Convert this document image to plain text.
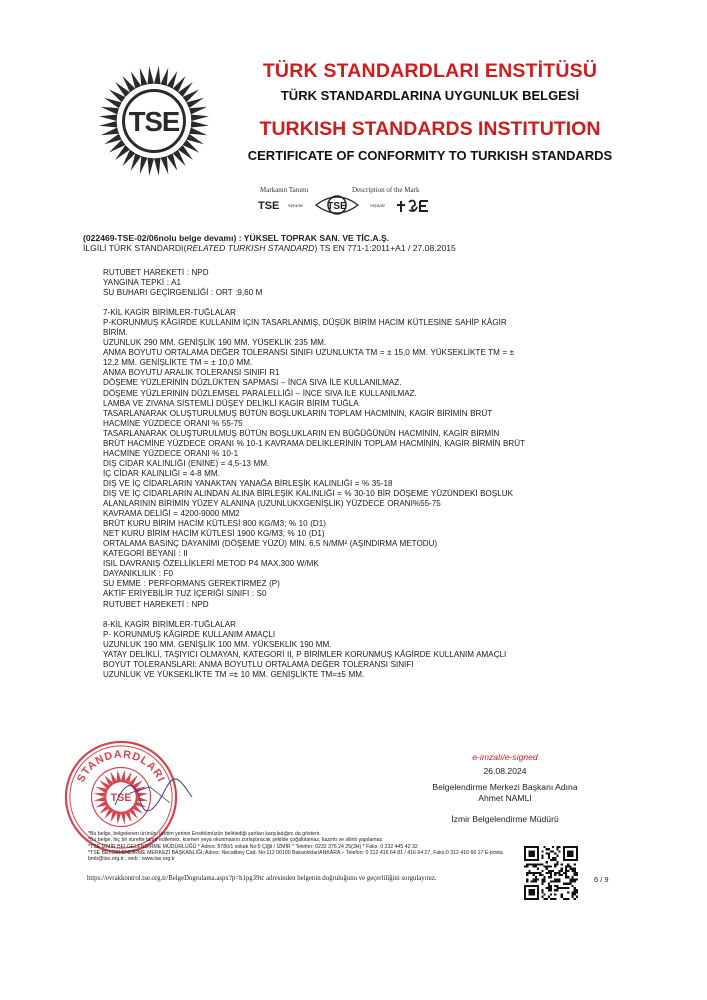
TSE
TÜRK STANDARDLARI ENSTİTÜSÜ
TÜRK STANDARDLARINA UYGUNLUK BELGESİ
TURKISH STANDARDS INSTITUTION
CERTIFICATE OF CONFORMITY TO TURKISH STANDARDS
Markanın Tanımı	Description of the Mark
TSE veya/or TSE	veya/or
(022469-TSE-02/06nolu belge devamı) : YÜKSEL TOPRAK SAN. VE TİC.A.Ş.
İLGİLİ TÜRK STANDARDI(RELATED TURKISH STANDARD) TS EN 771-1:2011+A1 / 27.08.2015
RUTUBET HAREKETİ : NPD
YANGINA TEPKİ : A1
SU BUHARI GEÇİRGENLİĞİ : ORT :9,60 M
7-KİL KAGİR BİRİMLER-TUĞLALAR
P-KORUNMUŞ KÂGİRDE KULLANIM İÇİN TASARLANMIŞ, DÜŞÜK BİRİM HACİM KÜTLESİNE SAHİP KÂGİR
BİRİM.
UZUNLUK 290 MM. GENİŞLİK 190 MM. YÜSEKLİK 235 MM.
ANMA BOYUTU ORTALAMA DEĞER TOLERANSI SINIFI UZUNLUKTA TM = ± 15,0 MM. YÜKSEKLİKTE TM = ±
12,2 MM. GENİŞLİKTE TM = ± 10,0 MM.
ANMA BOYUTU ARALIK TOLERANSI SINIFI R1
DÖŞEME YÜZLERİNİN DÜZLÜKTEN SAPMASI – İNCA SIVA İLE KULLANILMAZ.
DÖŞEME YÜZLERİNİN DÜZLEMSEL PARALELLİĞİ – İNCE SIVA İLE KULLANILMAZ.
LAMBA VE ZIVANA SİSTEMLİ DÜŞEY DELİKLİ KAGİR BİRİM TUĞLA
TASARLANARAK OLUŞTURULMUŞ BÜTÜN BOŞLUKLARIN TOPLAM HACMİNİN, KAGİR BİRİMİN BRÜT
HACMİNE YÜZDECE ORANI % 55-75
TASARLANARAK OLUŞTURULMUŞ BÜTÜN BOŞLUKLARIN EN BÜĞÜĞÜNÜN HACMİNİN, KAGİR BİRMİN
BRÜT HACMİNE YÜZDECE ORANI % 10-1 KAVRAMA DELİKLERİNİN TOPLAM HACMİNİN, KAGİR BİRMİN BRÜT
HACMİNE YÜZDECE ORANI % 10-1
DIŞ CİDAR KALINLIĞI (ENİNE) = 4,5-13 MM.
İÇ CİDAR KALINLIĞI = 4-8 MM.
DIŞ VE İÇ CİDARLARIN YANAKTAN YANAĞA BİRLEŞİK KALINLIĞI = % 35-18
DIŞ VE İÇ CİDARLARIN ALINDAN ALINA BİRLEŞİK KALINLIĞI = % 30-10 BİR DÖŞEME YÜZÜNDEKİ BOŞLUK
ALANLARININ BİRİMİN YÜZEY ALANINA (UZUNLUKXGENİŞLİK) YÜZDECE ORANI%55-75
KAVRAMA DELİĞİ = 4200-9000 MM2
BRÜT KURU BİRİM HACİM KÜTLESİ 800 KG/M3; % 10 (D1)
NET KURU BİRİM HACİM KÜTLESİ 1900 KG/M3; % 10 (D1)
ORTALAMA BASINÇ DAYANIMI (DÖŞEME YÜZÜ) MİN. 6,5 N/MM² (AŞINDIRMA METODU)
KATEGORİ BEYANI : II
ISIL DAVRANIŞ ÖZELLİKLERİ METOD P4 MAX.300 W/MK
DAYANIKLILIK : F0
SU EMME : PERFORMANS GEREKTİRMEZ (P)
AKTİF ERİYEBİLİR TUZ İÇERİĞİ SINIFI : S0
RUTUBET HAREKETİ : NPD
8-KİL KAGİR BİRİMLER-TUĞLALAR
P- KORUNMUŞ KÂGİRDE KULLANIM AMAÇLI
UZUNLUK 190 MM. GENİŞLİK 100 MM. YÜKSEKLİK 190 MM.
YATAY DELİKLİ, TAŞIYICI OLMAYAN, KATEGORİ II, P BİRİMLER KORUNMUŞ KÂGİRDE KULLANIM AMAÇLI
BOYUT TOLERANSLARI: ANMA BOYUTLU ORTALAMA DEĞER TOLERANSI SINIFI
UZUNLUK VE YÜKSEKLİKTE TM =± 10 MM. GENİŞLİKTE TM=±5 MM.
TSE
STANDARDLARI
e-imzalı/e-signed
26.08.2024
Belgelendirme Merkezi Başkanı Adına
Ahmet NAMLI
İzmir Belgelendirme Müdürü
*Bu belge, belgelenen ürünün, üretim yerinin Enstitümüzün belirlediği şartları karşıladığını da gösterir.
*Bu belge, hiç bir surette tahrif edilemez, kısmen veya okunmasını zorlaştıracak şekilde çoğaltılamaz, kazıntı ve silinti yapılamaz.
*TSE İZMİR BELGELENDİRME MÜDÜRLÜĞÜ * Adres: 8780/1 sokak No:5 Çiğli / İZMİR * Telefon: 0232 376 24 25(3H) * Faks: 0 232 445 42 32
*TSE BELGELENDİRME MERKEZİ BAŞKANLIĞI; Adres: Necatibey Cad. No:112 06100 Bakanlıklar/ANKARA – Telefon: 0 312 416 64 81 / 416 64 27, Faks:0 312 416 66 17 E-posta
bmb@tse.org.tr , web : www.tse.org.tr
https://evrakkontrol.tse.org.tr/BelgeDogrulama.aspx?p=h1pg39tc adresinden belgenin doğruluğunu ve geçerliliğini sorgulayınız.	6 / 9
